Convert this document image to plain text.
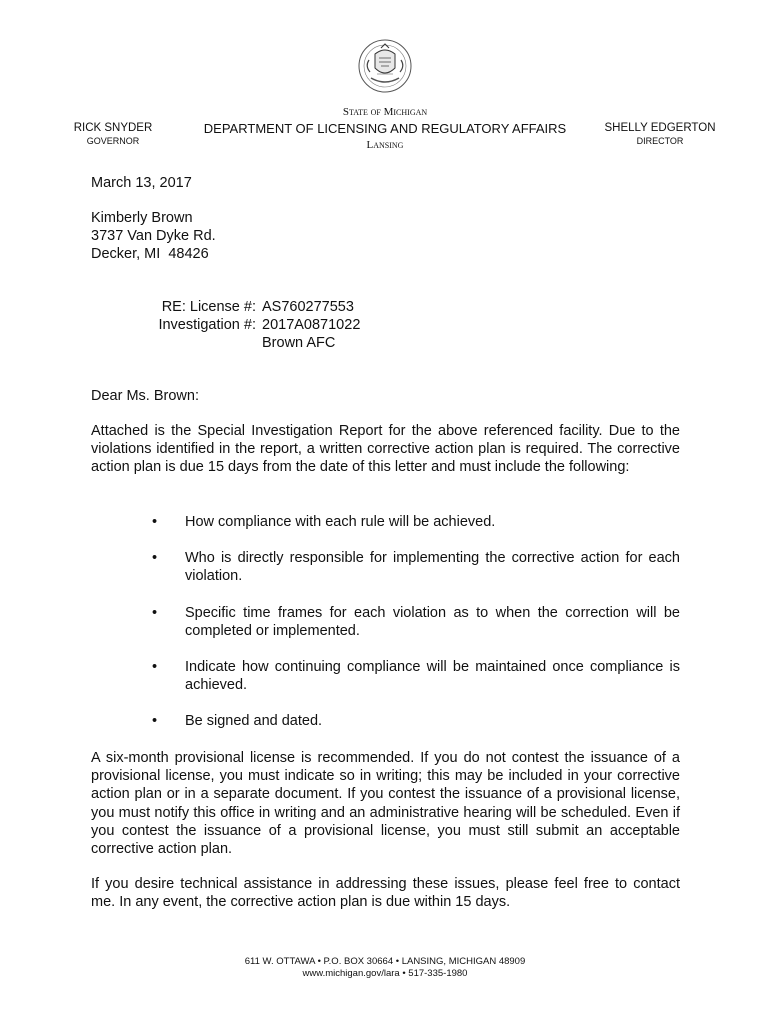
RICK SNYDER
GOVERNOR
State of Michigan
DEPARTMENT OF LICENSING AND REGULATORY AFFAIRS
Lansing
SHELLY EDGERTON
DIRECTOR
March 13, 2017
Kimberly Brown
3737 Van Dyke Rd.
Decker, MI  48426
RE: License #: AS760277553
Investigation #: 2017A0871022
Brown AFC
Dear Ms. Brown:
Attached is the Special Investigation Report for the above referenced facility. Due to the violations identified in the report, a written corrective action plan is required. The corrective action plan is due 15 days from the date of this letter and must include the following:
• How compliance with each rule will be achieved.
• Who is directly responsible for implementing the corrective action for each violation.
• Specific time frames for each violation as to when the correction will be completed or implemented.
• Indicate how continuing compliance will be maintained once compliance is achieved.
• Be signed and dated.
A six-month provisional license is recommended. If you do not contest the issuance of a provisional license, you must indicate so in writing; this may be included in your corrective action plan or in a separate document. If you contest the issuance of a provisional license, you must notify this office in writing and an administrative hearing will be scheduled. Even if you contest the issuance of a provisional license, you must still submit an acceptable corrective action plan.
If you desire technical assistance in addressing these issues, please feel free to contact me. In any event, the corrective action plan is due within 15 days.
611 W. OTTAWA • P.O. BOX 30664 • LANSING, MICHIGAN 48909
www.michigan.gov/lara • 517-335-1980
